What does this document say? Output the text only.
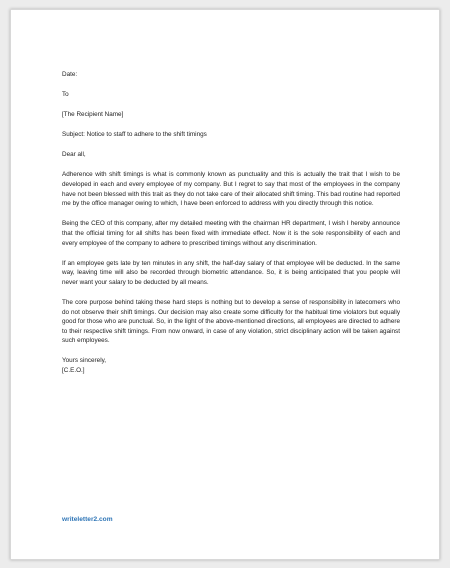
Date:

To

[The Recipient Name]

Subject: Notice to staff to adhere to the shift timings

Dear all,

Adherence with shift timings is what is commonly known as punctuality and this is actually the trait that I wish to be developed in each and every employee of my company. But I regret to say that most of the employees in the company have not been blessed with this trait as they do not take care of their allocated shift timing. This bad routine had reported me by the office manager owing to which, I have been enforced to address with you directly through this notice.

Being the CEO of this company, after my detailed meeting with the chairman HR department, I wish I hereby announce that the official timing for all shifts has been fixed with immediate effect. Now it is the sole responsibility of each and every employee of the company to adhere to prescribed timings without any discrimination.

If an employee gets late by ten minutes in any shift, the half-day salary of that employee will be deducted. In the same way, leaving time will also be recorded through biometric attendance. So, it is being anticipated that you people will never want your salary to be deducted by all means.

The core purpose behind taking these hard steps is nothing but to develop a sense of responsibility in latecomers who do not observe their shift timings. Our decision may also create some difficulty for the habitual time violators but equally good for those who are punctual. So, in the light of the above-mentioned directions, all employees are directed to adhere to their respective shift timings. From now onward, in case of any violation, strict disciplinary action will be taken against such employees.

Yours sincerely,

[C.E.O.]

writeletter2.com
